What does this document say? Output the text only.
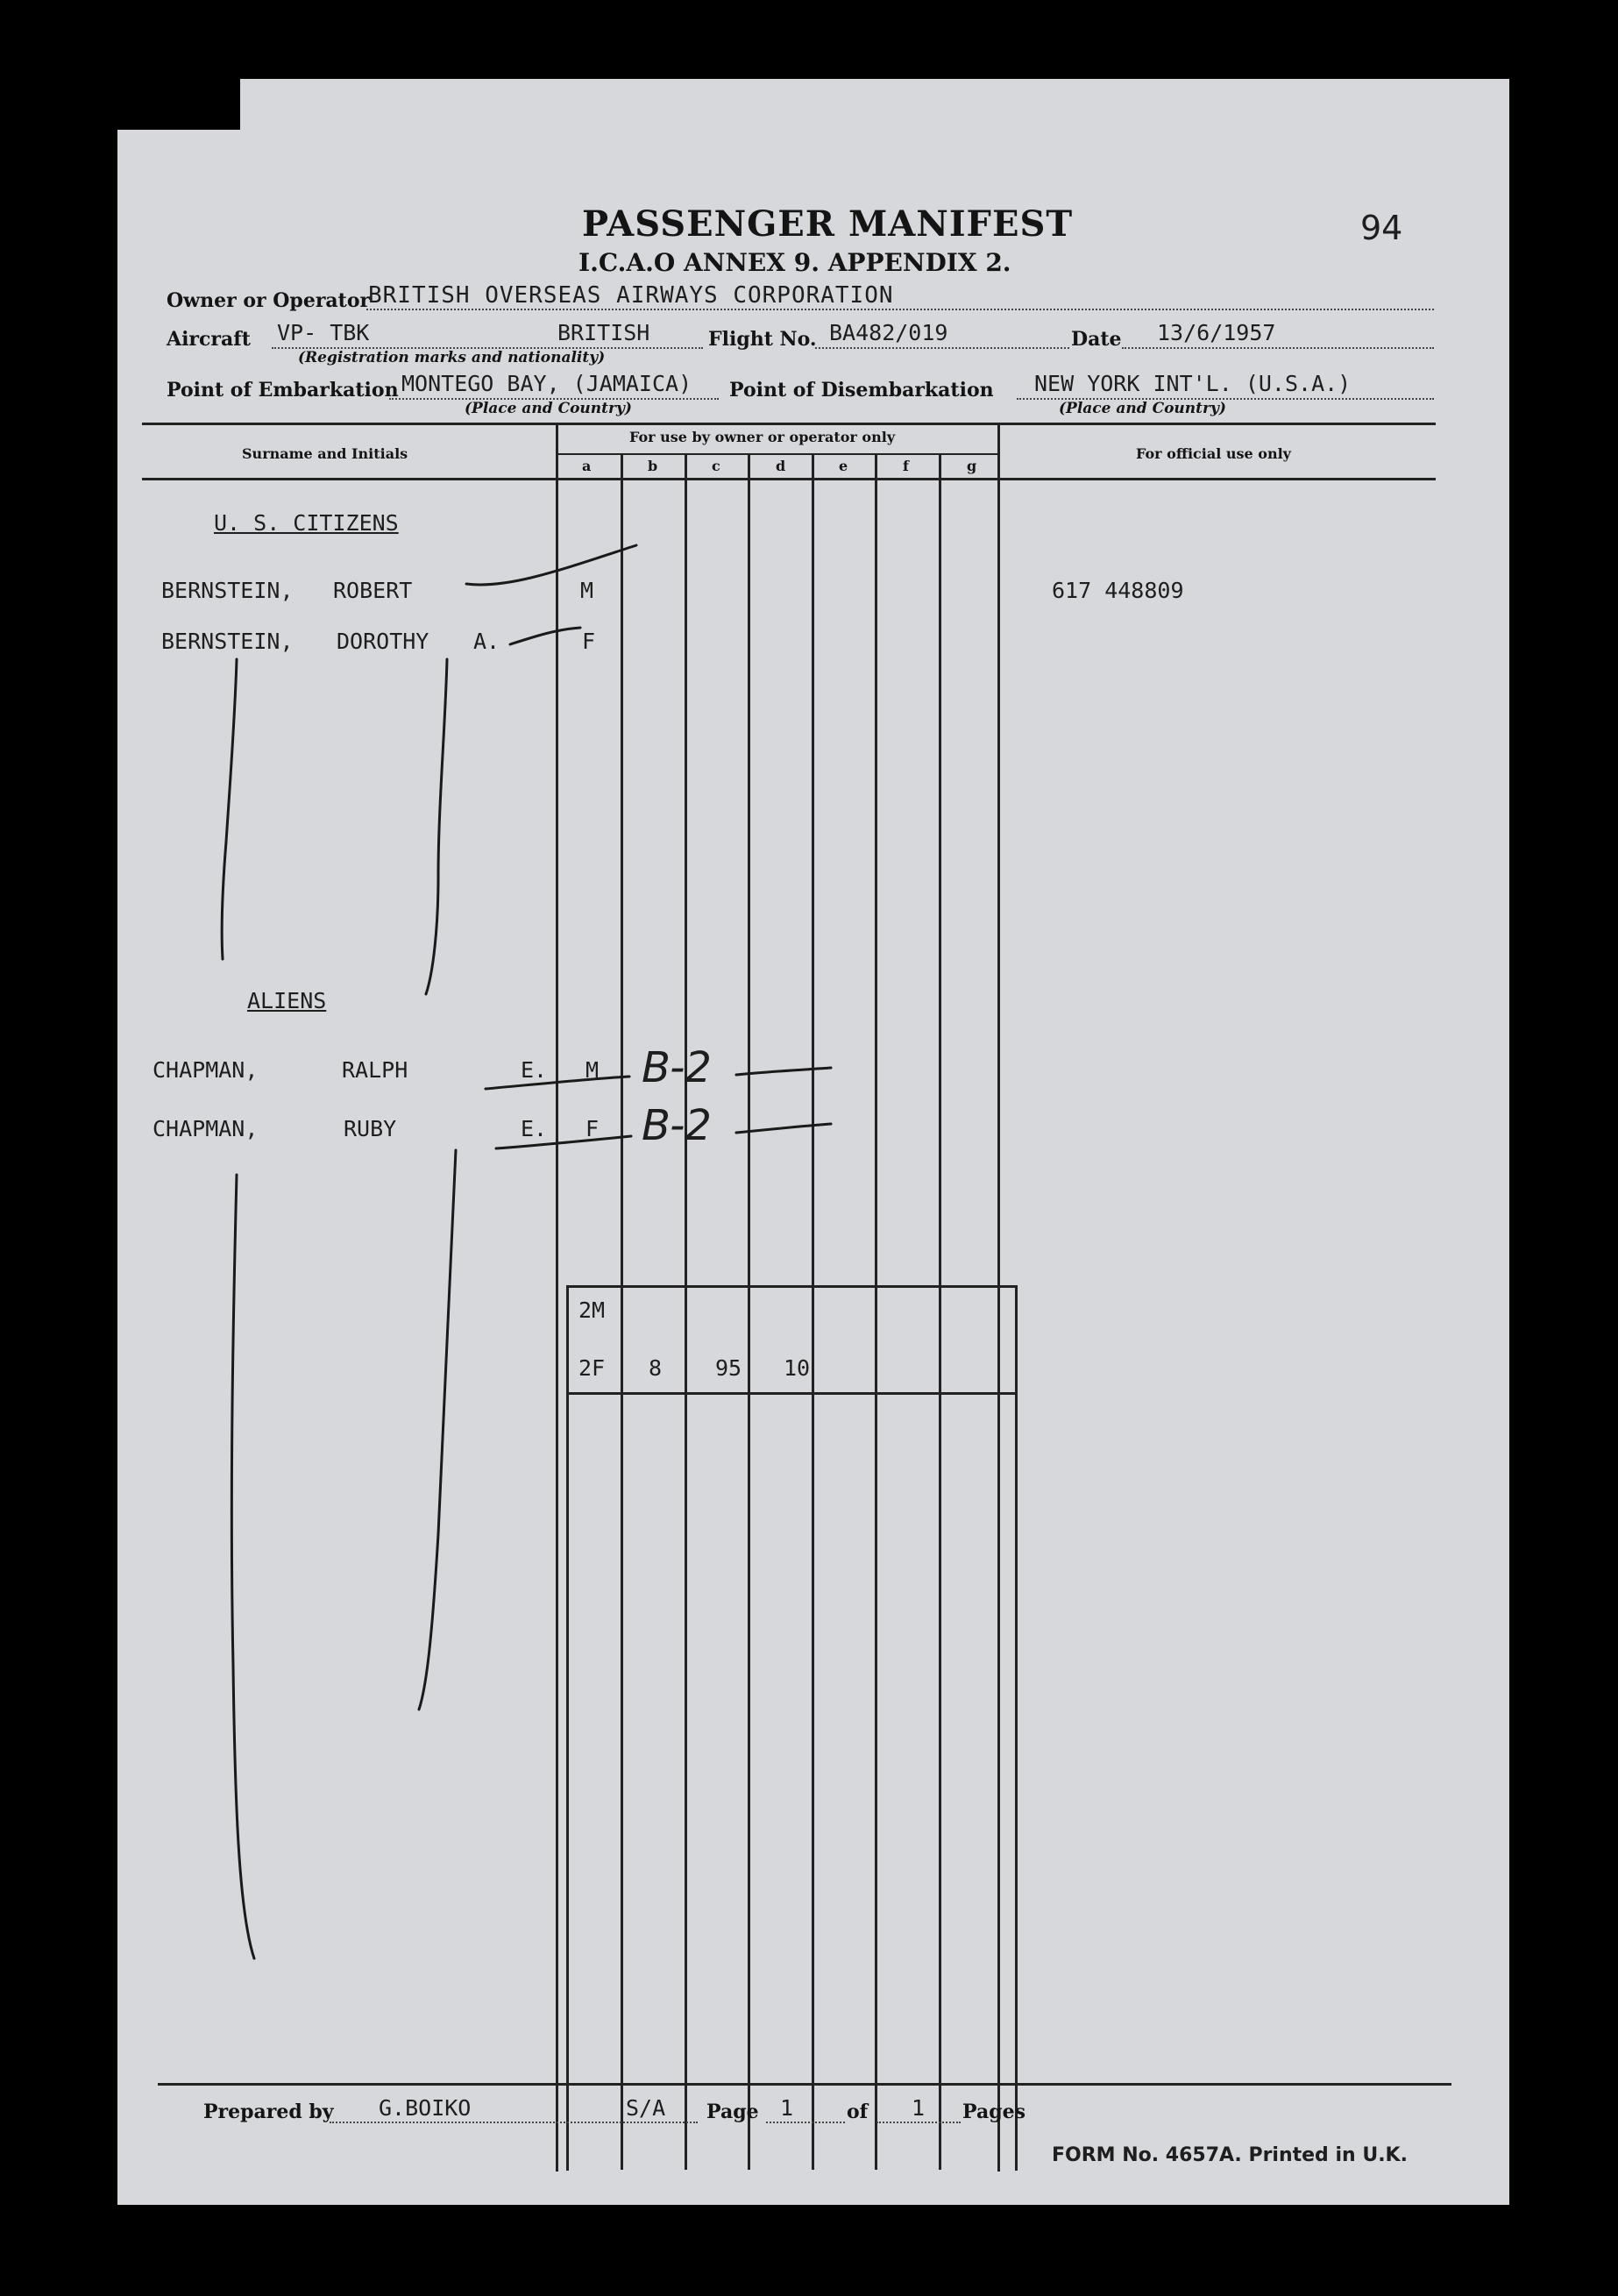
PASSENGER MANIFEST
I.C.A.O ANNEX 9. APPENDIX 2.
94
Owner or Operator
BRITISH OVERSEAS AIRWAYS CORPORATION
Aircraft VP- TBK	BRITISH
(Registration marks and nationality)
Flight No. BA482/019	Date 13/6/1957
Point of Embarkation MONTEGO BAY, (JAMAICA)
(Place and Country)
Point of Disembarkation NEW YORK INT'L. (U.S.A.)
(Place and Country)
Surname and Initials
For use by owner or operator only
For official use only
a	b	c	d	e	f	g
U. S. CITIZENS
BERNSTEIN, ROBERT	M	617 448809
BERNSTEIN, DOROTHY A.	F
ALIENS
CHAPMAN,	RALPH	E. M B-2
CHAPMAN,	RUBY	E. F B-2
2M
2F 8 95 10
Prepared by G.BOIKO	S/A Page 1	of 1 Pages
FORM No. 4657A. Printed in U.K.
